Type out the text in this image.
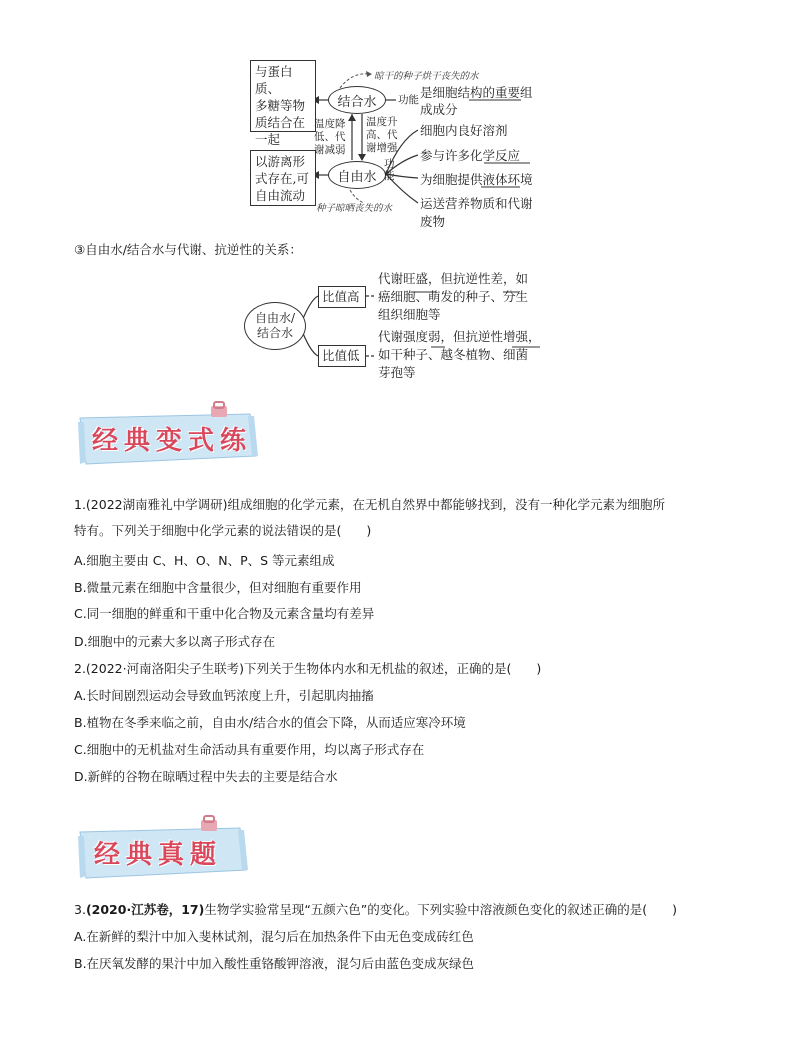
与蛋白质、
多糖等物
质结合在
一起
以游离形
式存在,可
自由流动
结合水
自由水
晾干的种子烘干丧失的水
种子晾晒丧失的水
温度降
低、代
谢减弱
温度升
高、代
谢增强
功能 是细胞结构的重要组
成成分
功
能
细胞内良好溶剂
参与许多化学反应
为细胞提供液体环境
运送营养物质和代谢
废物
③自由水/结合水与代谢、抗逆性的关系：
自由水/
结合水
比值高
比值低
代谢旺盛，但抗逆性差，如
癌细胞、萌发的种子、分生
组织细胞等
代谢强度弱，但抗逆性增强，
如干种子、越冬植物、细菌
芽孢等
经典变式练
1.(2022湖南雅礼中学调研)组成细胞的化学元素，在无机自然界中都能够找到，没有一种化学元素为细胞所
特有。下列关于细胞中化学元素的说法错误的是(　　)
A.细胞主要由 C、H、O、N、P、S 等元素组成
B.微量元素在细胞中含量很少，但对细胞有重要作用
C.同一细胞的鲜重和干重中化合物及元素含量均有差异
D.细胞中的元素大多以离子形式存在
2.(2022·河南洛阳尖子生联考)下列关于生物体内水和无机盐的叙述，正确的是(　　)
A.长时间剧烈运动会导致血钙浓度上升，引起肌肉抽搐
B.植物在冬季来临之前，自由水/结合水的值会下降，从而适应寒冷环境
C.细胞中的无机盐对生命活动具有重要作用，均以离子形式存在
D.新鲜的谷物在晾晒过程中失去的主要是结合水
经典真题
3.(2020·江苏卷，17)生物学实验常呈现“五颜六色”的变化。下列实验中溶液颜色变化的叙述正确的是(　　)
A.在新鲜的梨汁中加入斐林试剂，混匀后在加热条件下由无色变成砖红色
B.在厌氧发酵的果汁中加入酸性重铬酸钾溶液，混匀后由蓝色变成灰绿色
